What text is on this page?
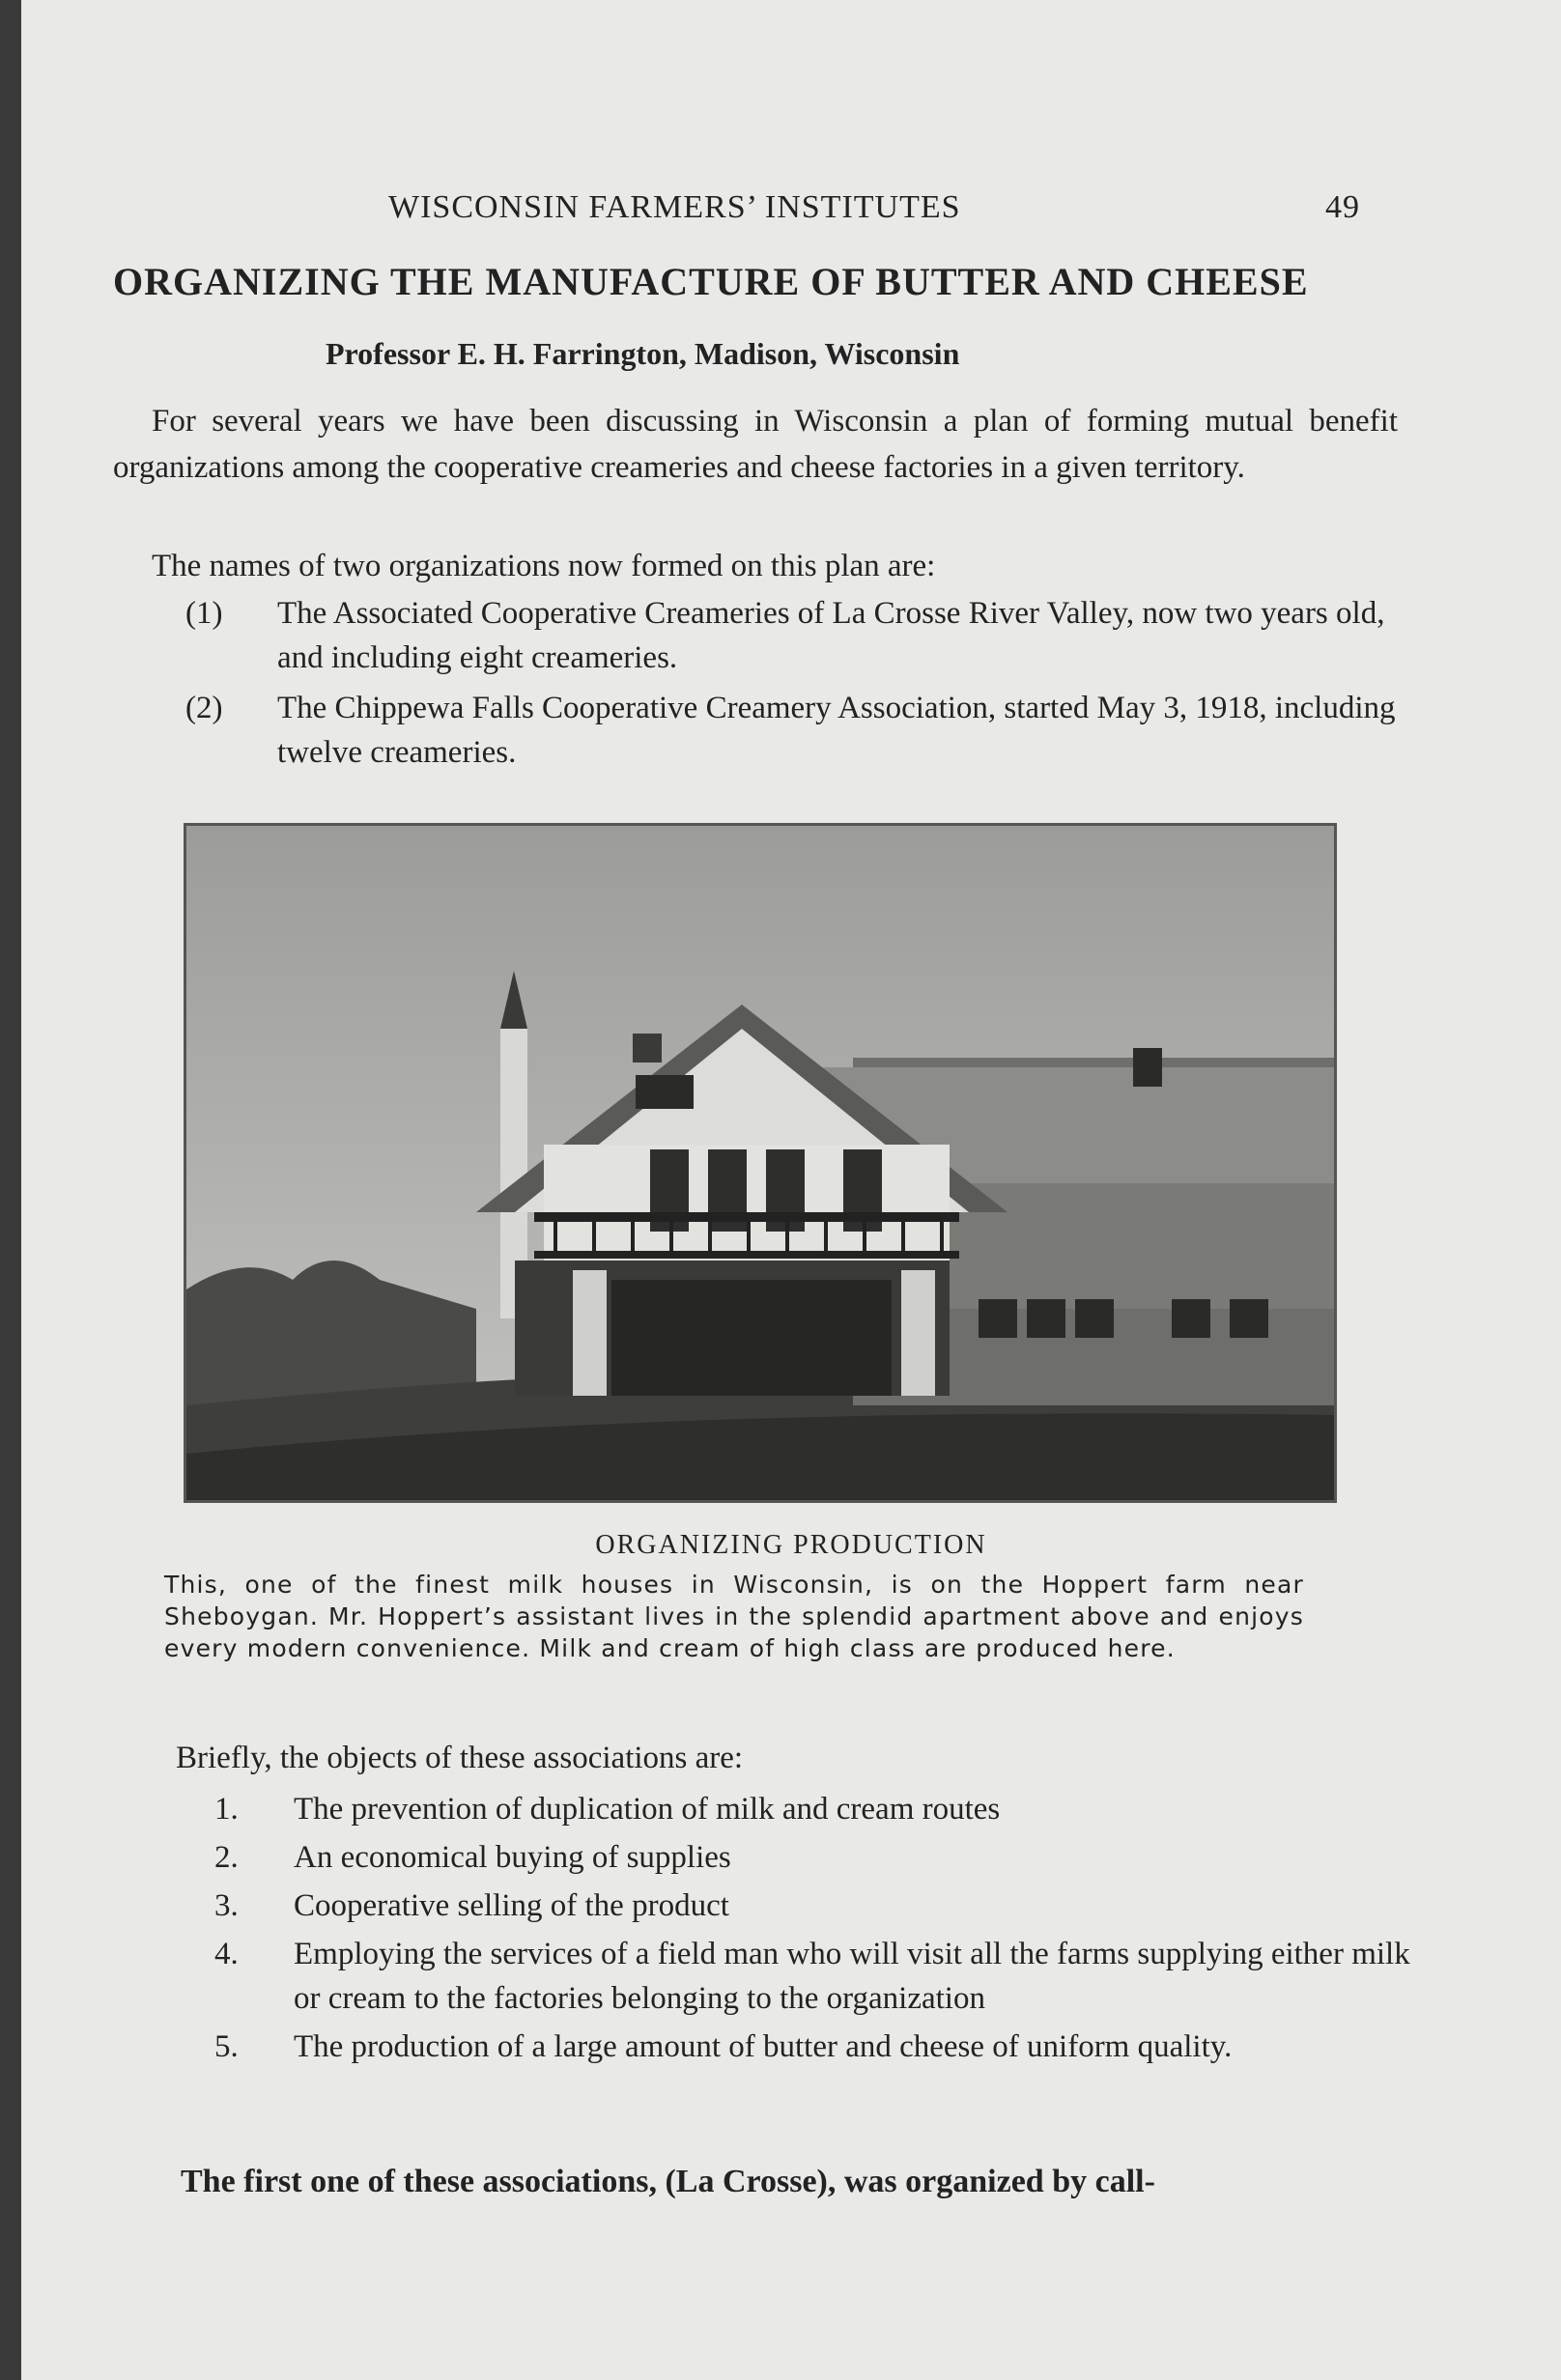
WISCONSIN FARMERS’ INSTITUTES	49
ORGANIZING THE MANUFACTURE OF BUTTER AND CHEESE
Professor E. H. Farrington, Madison, Wisconsin

For several years we have been discussing in Wisconsin a plan of forming mutual benefit organizations among the cooperative creameries and cheese factories in a given territory.

The names of two organizations now formed on this plan are:

(1) The Associated Cooperative Creameries of La Crosse River Valley, now two years old, and including eight creameries.
(2) The Chippewa Falls Cooperative Creamery Association, started May 3, 1918, including twelve creameries.
ORGANIZING PRODUCTION
This, one of the finest milk houses in Wisconsin, is on the Hoppert farm near Sheboygan. Mr. Hoppert’s assistant lives in the splendid apartment above and enjoys every modern convenience. Milk and cream of high class are produced here.

Briefly, the objects of these associations are:

1. The prevention of duplication of milk and cream routes
2. An economical buying of supplies
3. Cooperative selling of the product
4. Employing the services of a field man who will visit all the farms supplying either milk or cream to the factories belonging to the organization
5. The production of a large amount of butter and cheese of uniform quality.
The first one of these associations, (La Crosse), was organized by call-
